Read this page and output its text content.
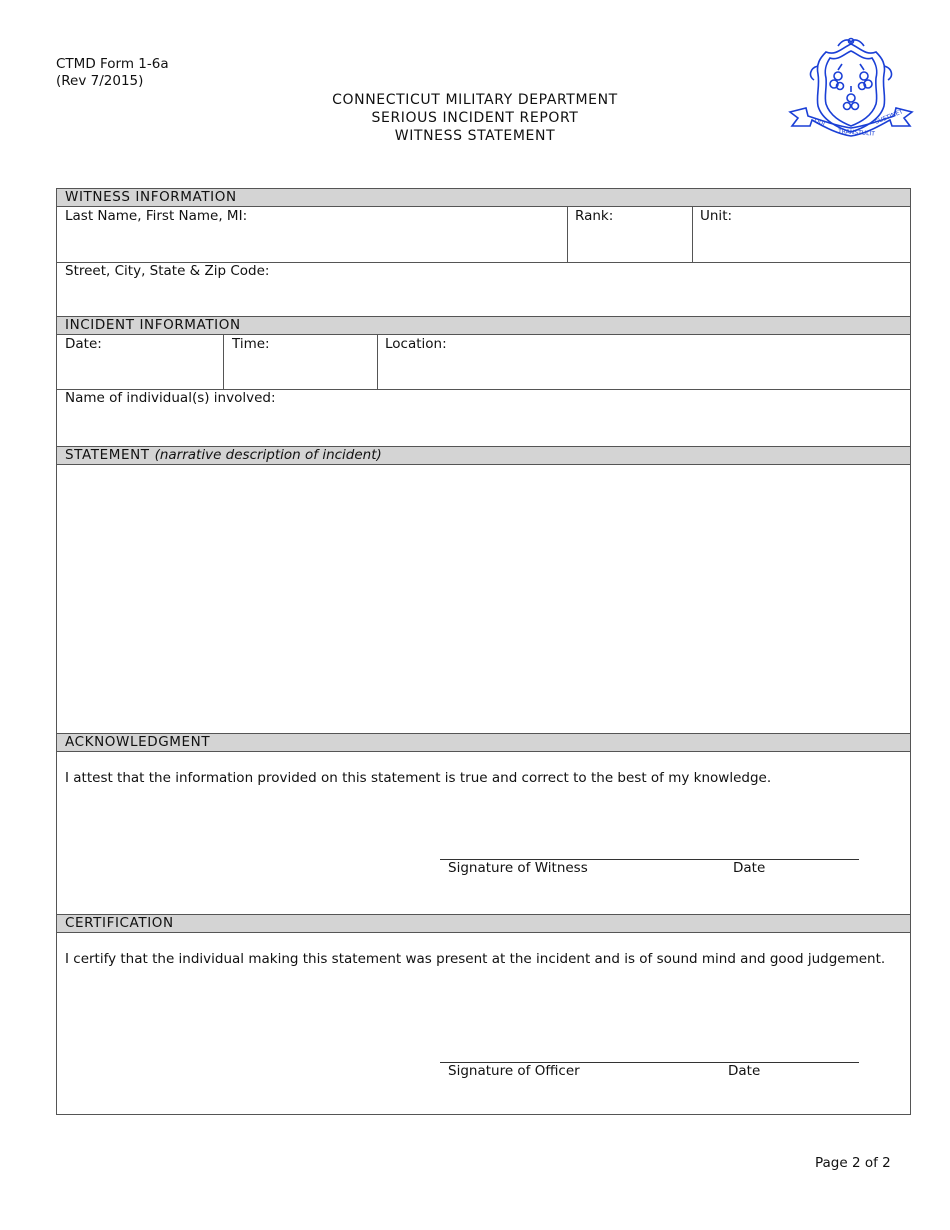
CTMD Form 1-6a
(Rev 7/2015)
CONNECTICUT MILITARY DEPARTMENT
SERIOUS INCIDENT REPORT
WITNESS STATEMENT
QUI
TRANSTULIT
SUSTINET
WITNESS INFORMATION
Last Name, First Name, MI:	Rank:	Unit:
Street, City, State & Zip Code:
INCIDENT INFORMATION
Date:	Time:	Location:
Name of individual(s) involved:
STATEMENT (narrative description of incident)
ACKNOWLEDGMENT
I attest that the information provided on this statement is true and correct to the best of my knowledge.
Signature of Witness	Date
CERTIFICATION
I certify that the individual making this statement was present at the incident and is of sound mind and good judgement.
Signature of Officer	Date
Page 2 of 2
